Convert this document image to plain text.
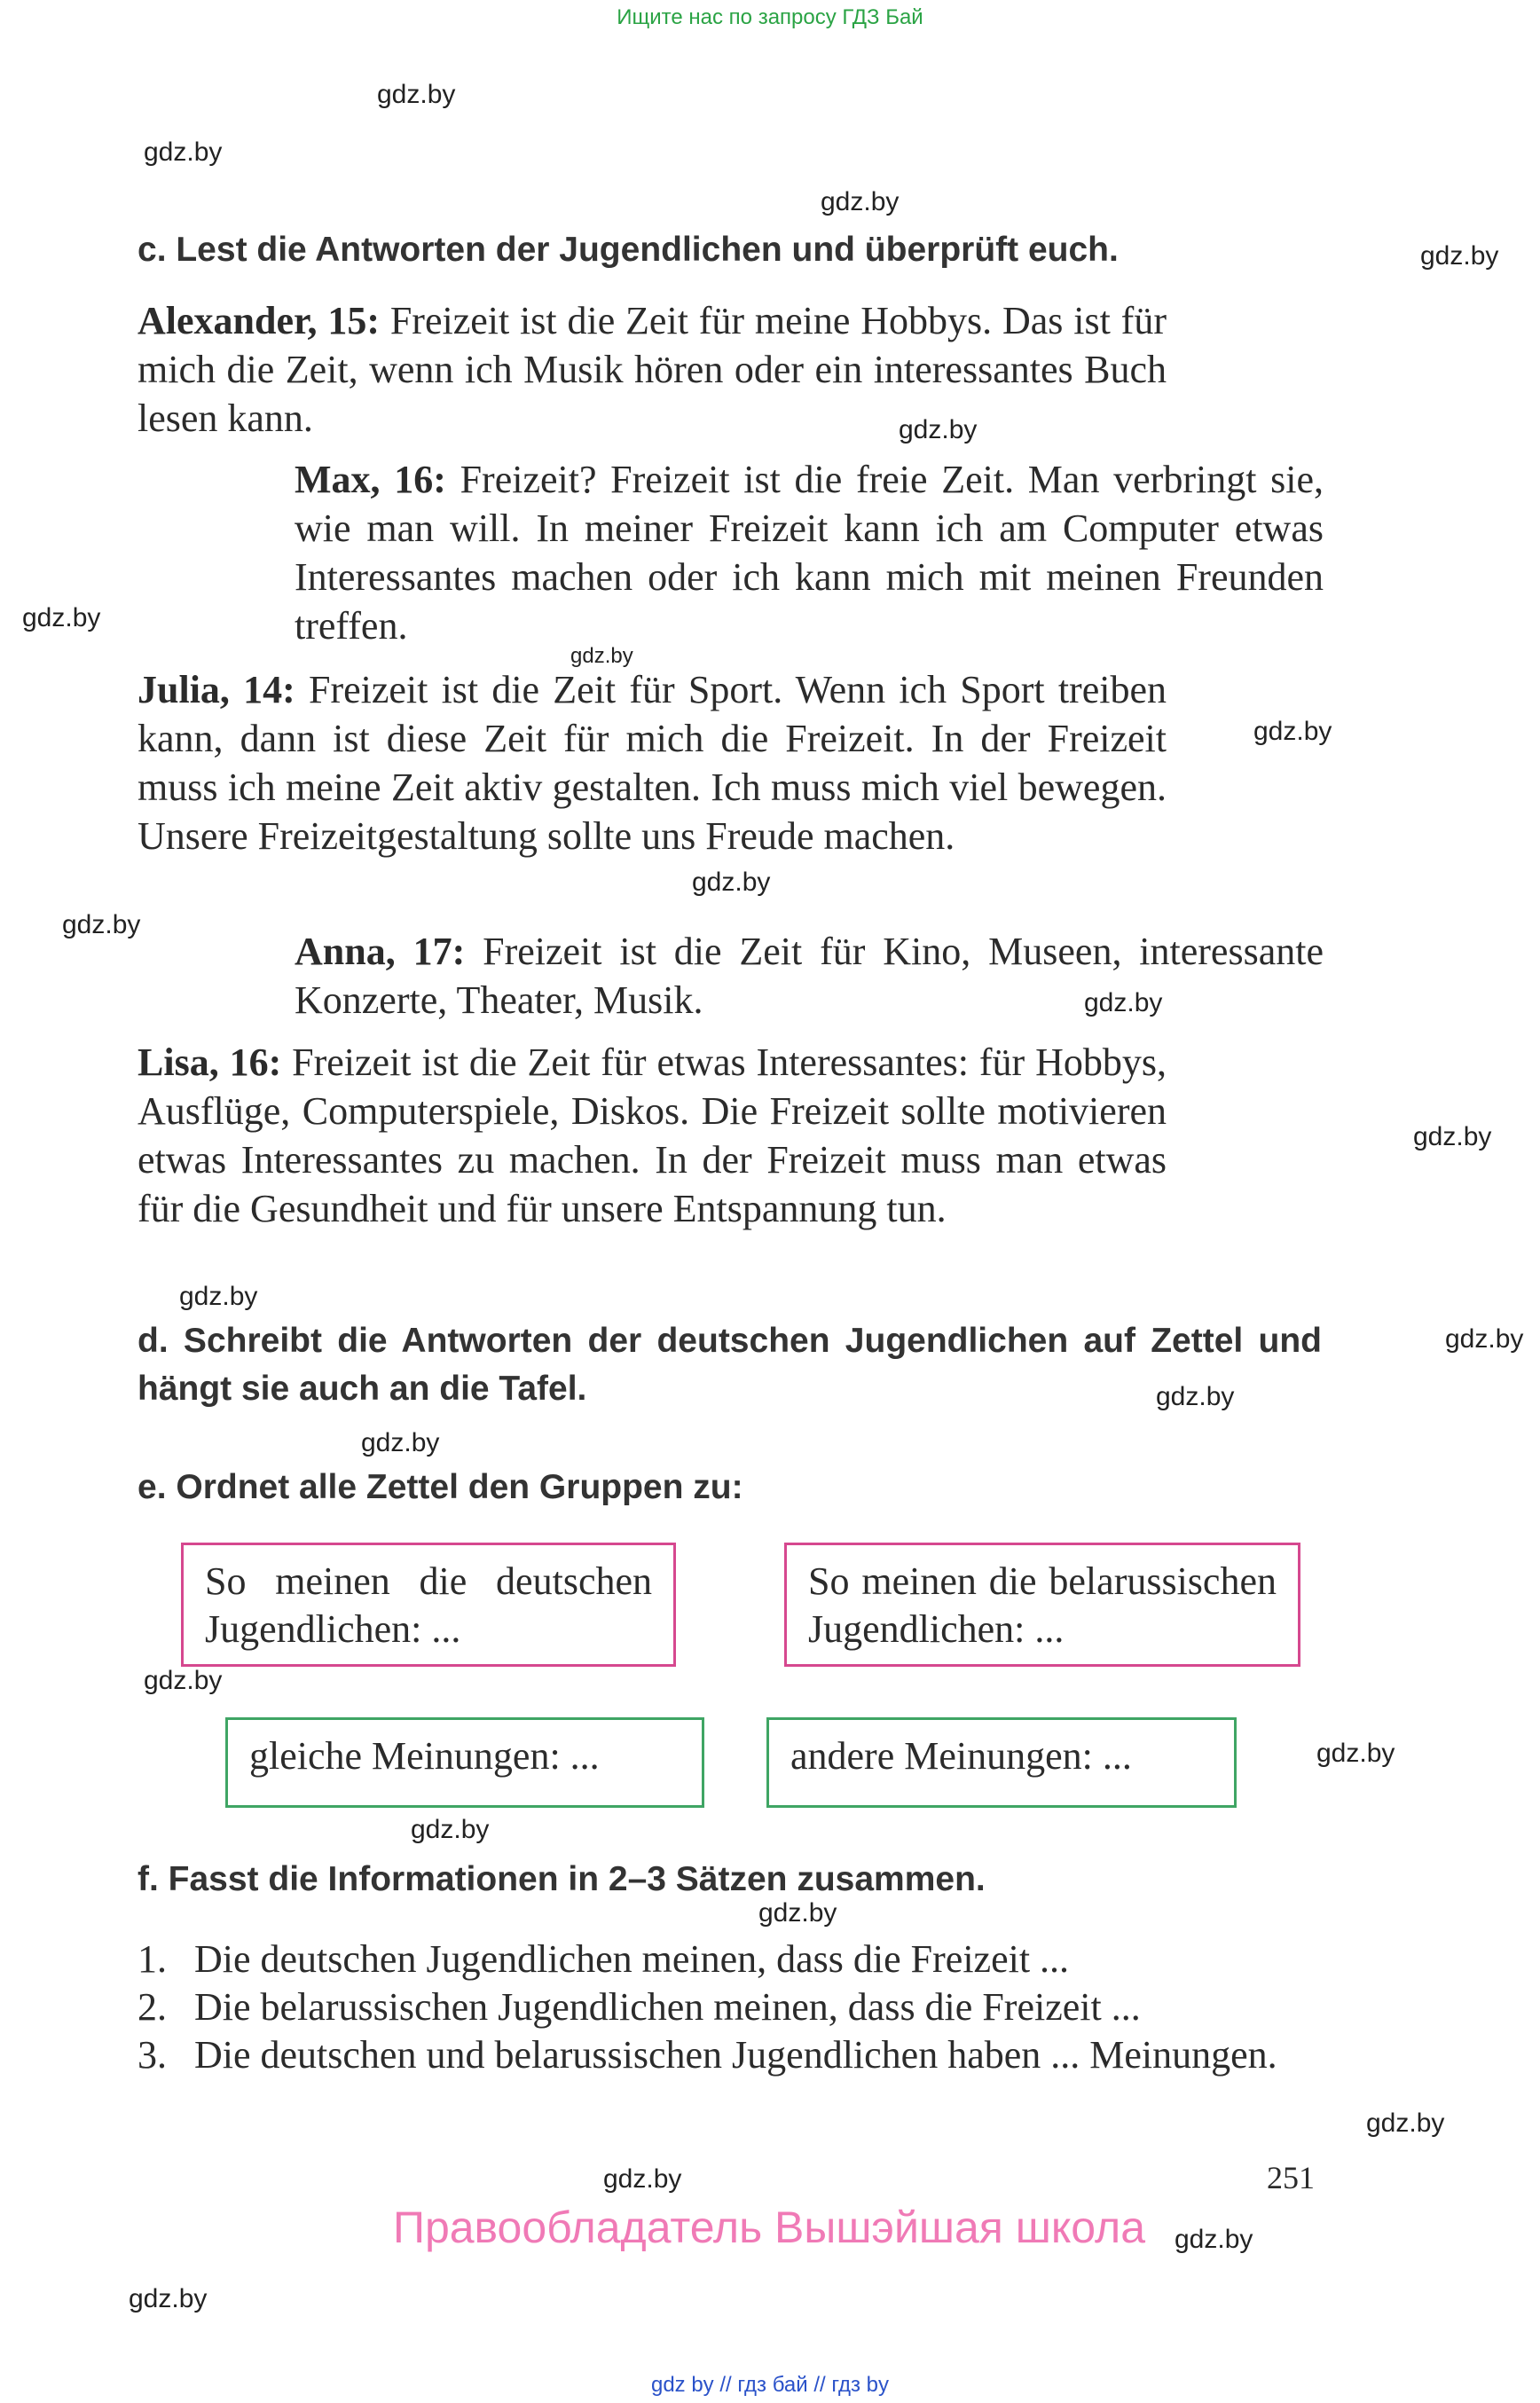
Ищите нас по запросу ГДЗ Бай
gdz.by
gdz.by
gdz.by
gdz.by
gdz.by
gdz.by
gdz.by
gdz.by
gdz.by
gdz.by
gdz.by
gdz.by
gdz.by
gdz.by
gdz.by
gdz.by
gdz.by
gdz.by
gdz.by
gdz.by
gdz.by
gdz.by
gdz.by
gdz.by
c. Lest die Antworten der Jugendlichen und überprüft euch.
Alexander, 15: Freizeit ist die Zeit für meine Hobbys. Das ist für mich die Zeit, wenn ich Musik hören oder ein interessantes Buch lesen kann.
Max, 16: Freizeit? Freizeit ist die freie Zeit. Man verbringt sie, wie man will. In meiner Freizeit kann ich am Computer etwas Interessantes machen oder ich kann mich mit meinen Freunden treffen.
Julia, 14: Freizeit ist die Zeit für Sport. Wenn ich Sport treiben kann, dann ist diese Zeit für mich die Freizeit. In der Freizeit muss ich meine Zeit aktiv gestalten. Ich muss mich viel bewegen. Unsere Freizeitgestaltung sollte uns Freude machen.
Anna, 17: Freizeit ist die Zeit für Kino, Museen, interessante Konzerte, Theater, Musik.
Lisa, 16: Freizeit ist die Zeit für etwas Interessantes: für Hobbys, Ausflüge, Computerspiele, Diskos. Die Freizeit sollte motivieren etwas Interessantes zu machen. In der Freizeit muss man etwas für die Gesundheit und für unsere Entspannung tun.
d. Schreibt die Antworten der deutschen Jugendlichen auf Zettel und hängt sie auch an die Tafel.
e. Ordnet alle Zettel den Gruppen zu:
So meinen die deutschen Jugendlichen: ...
So meinen die belarussischen Jugendlichen: ...
gleiche Meinungen: ...	andere Meinungen: ...
f. Fasst die Informationen in 2–3 Sätzen zusammen.
1. Die deutschen Jugendlichen meinen, dass die Freizeit ...
2. Die belarussischen Jugendlichen meinen, dass die Freizeit ...
3. Die deutschen und belarussischen Jugendlichen haben ... Meinungen.
251
Правообладатель Вышэйшая школа
gdz by // гдз бай // гдз by
